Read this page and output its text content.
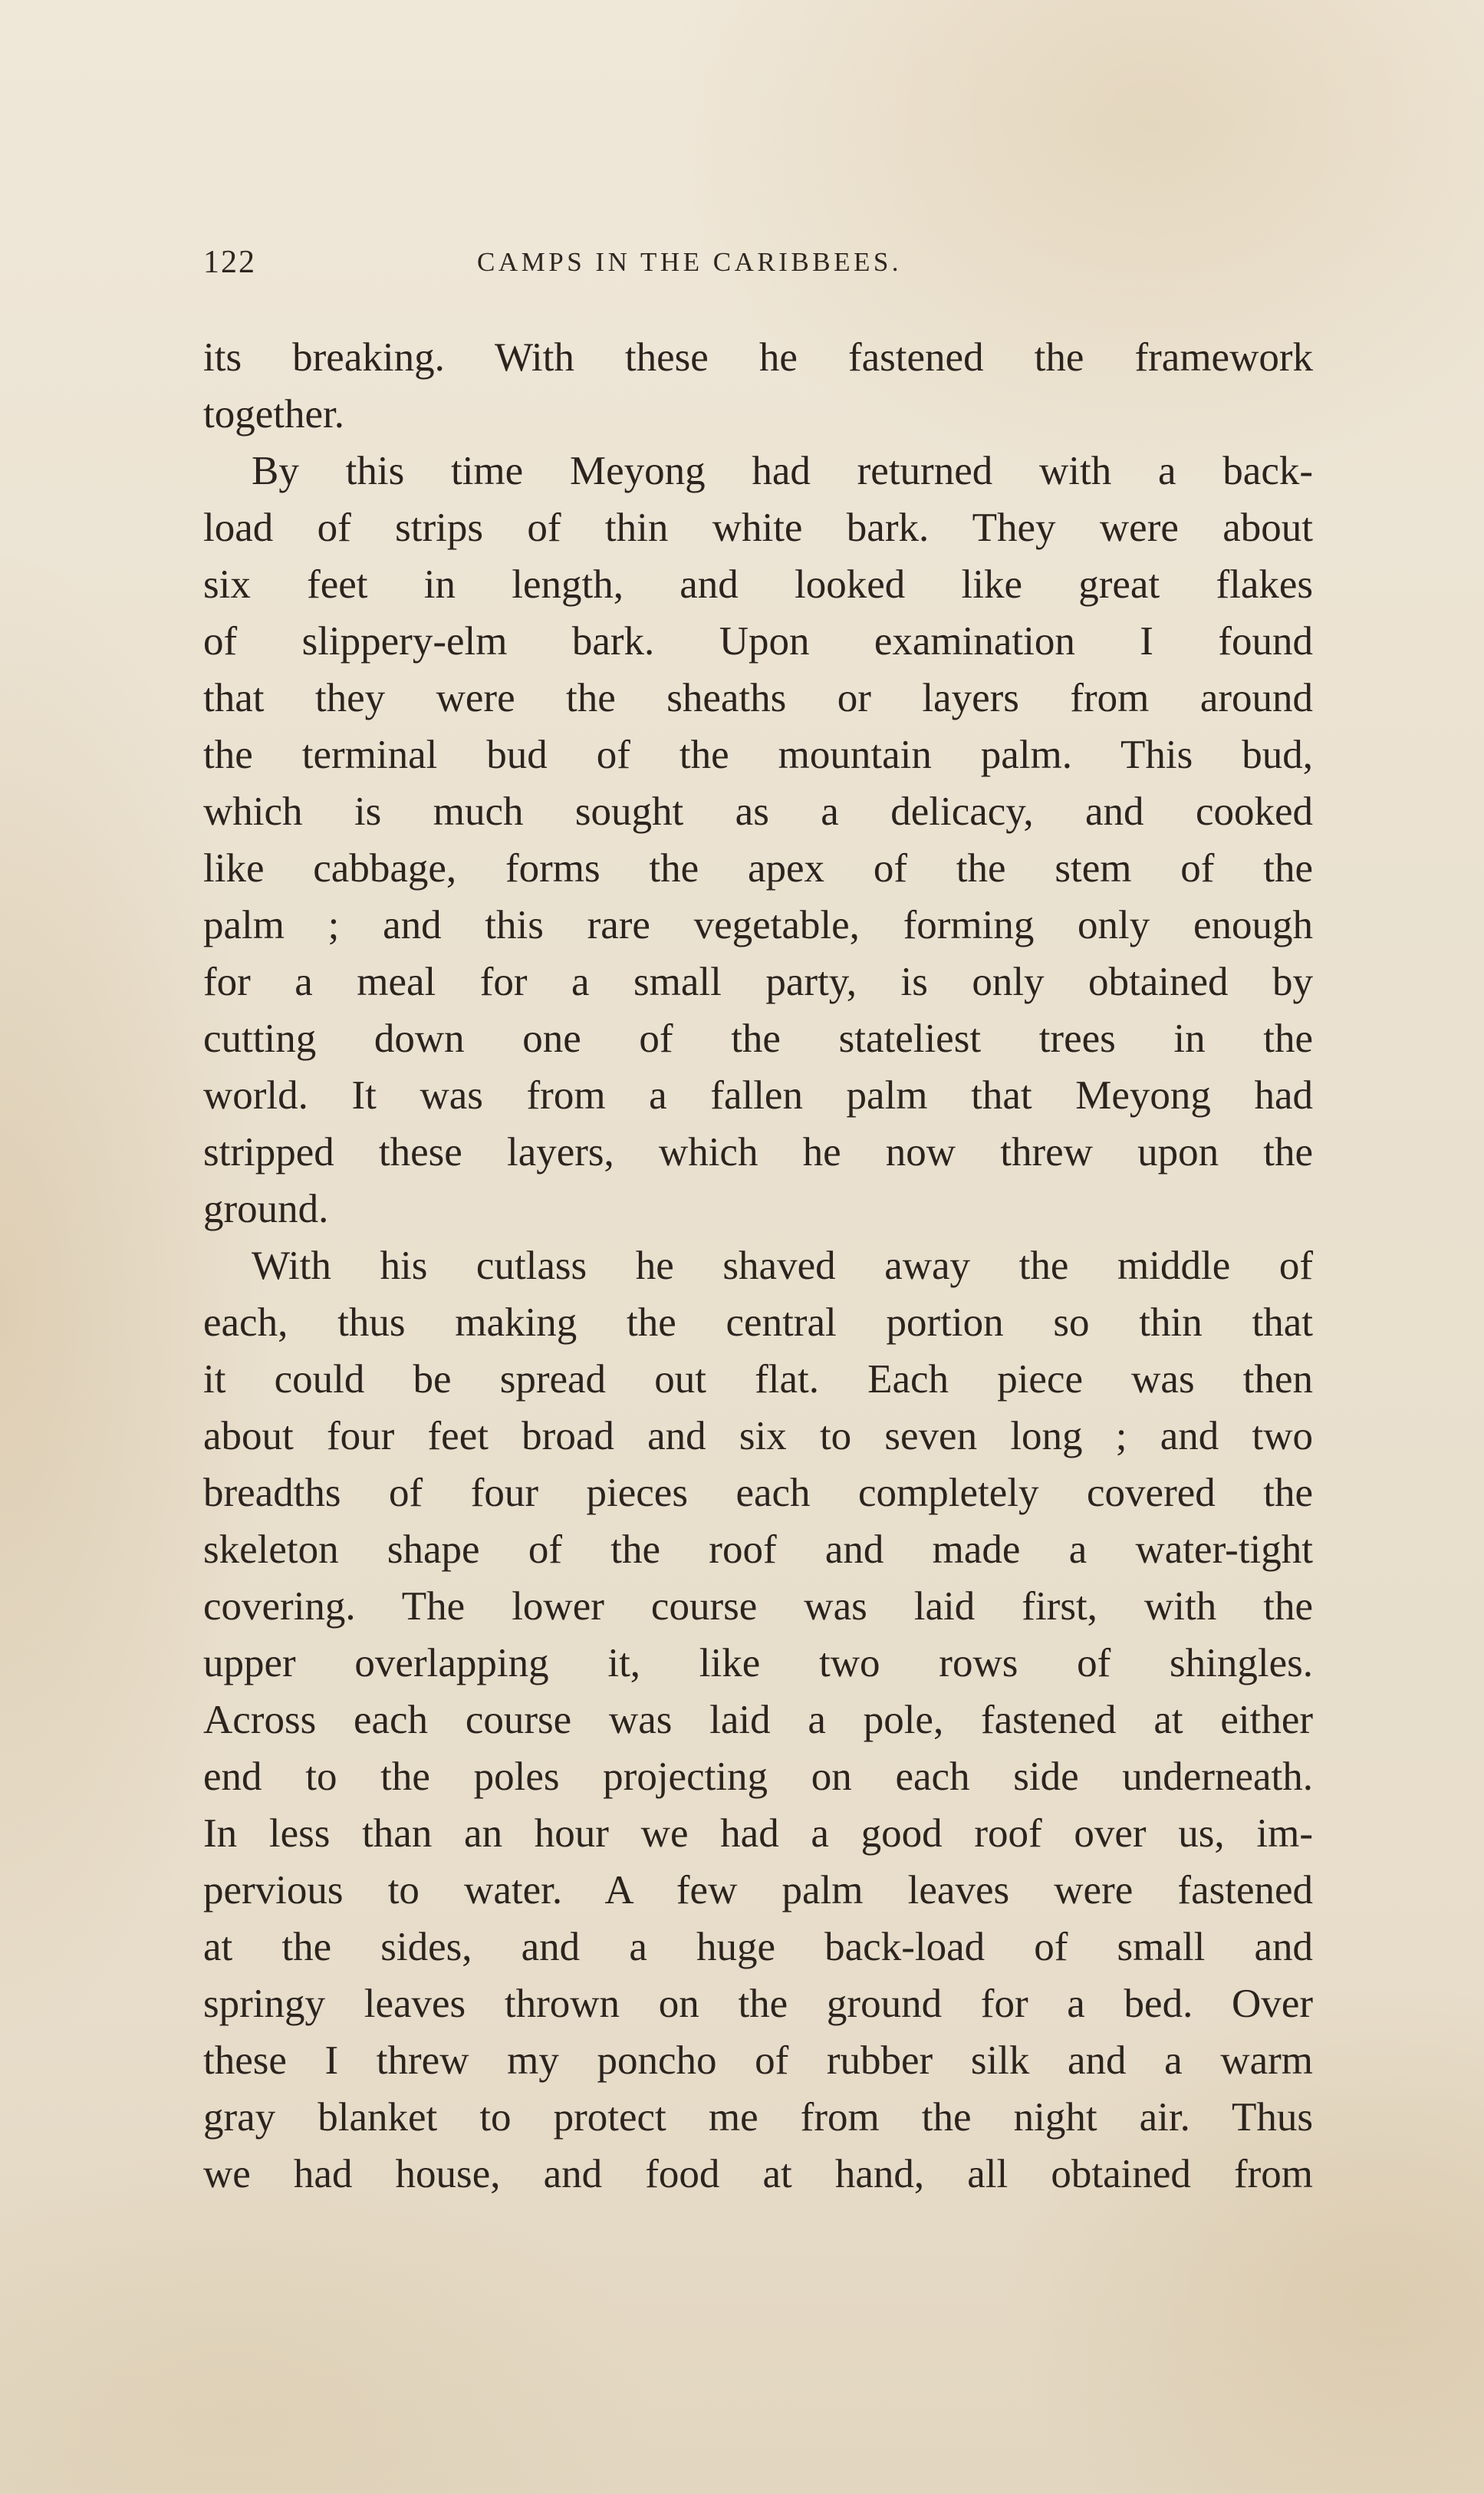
122	CAMPS IN THE CARIBBEES.
its breaking. With these he fastened the framework
together.
By this time Meyong had returned with a back-
load of strips of thin white bark. They were about
six feet in length, and looked like great flakes
of slippery-elm bark. Upon examination I found
that they were the sheaths or layers from around
the terminal bud of the mountain palm. This bud,
which is much sought as a delicacy, and cooked
like cabbage, forms the apex of the stem of the
palm ; and this rare vegetable, forming only enough
for a meal for a small party, is only obtained by
cutting down one of the stateliest trees in the
world. It was from a fallen palm that Meyong had
stripped these layers, which he now threw upon the
ground.
With his cutlass he shaved away the middle of
each, thus making the central portion so thin that
it could be spread out flat. Each piece was then
about four feet broad and six to seven long ; and two
breadths of four pieces each completely covered the
skeleton shape of the roof and made a water-tight
covering. The lower course was laid first, with the
upper overlapping it, like two rows of shingles.
Across each course was laid a pole, fastened at either
end to the poles projecting on each side underneath.
In less than an hour we had a good roof over us, im-
pervious to water. A few palm leaves were fastened
at the sides, and a huge back-load of small and
springy leaves thrown on the ground for a bed. Over
these I threw my poncho of rubber silk and a warm
gray blanket to protect me from the night air. Thus
we had house, and food at hand, all obtained from
